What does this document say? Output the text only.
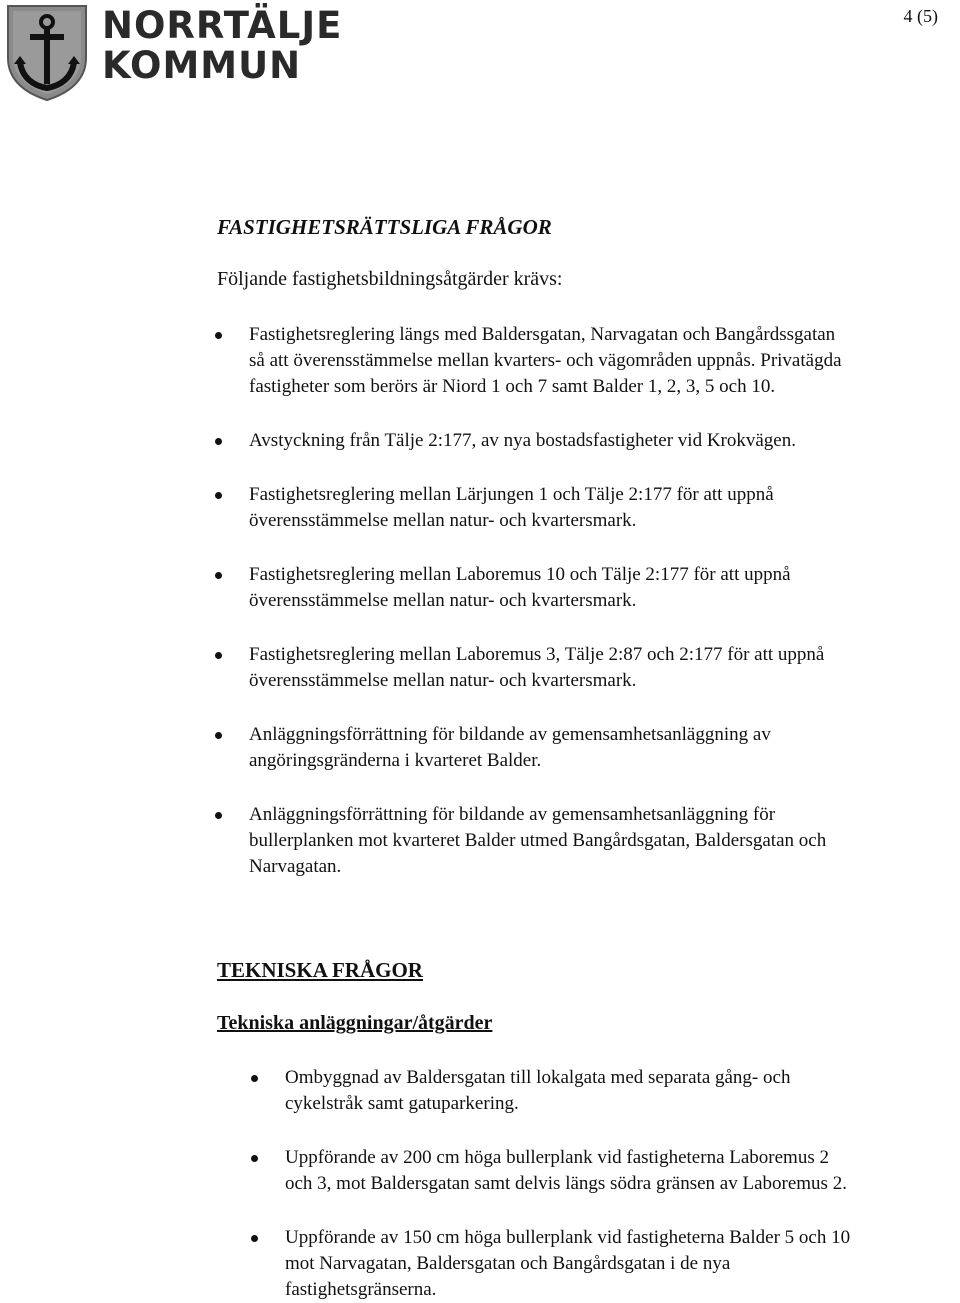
NORRTÄLJE
KOMMUN
4 (5)
FASTIGHETSRÄTTSLIGA FRÅGOR

Följande fastighetsbildningsåtgärder krävs:

Fastighetsreglering längs med Baldersgatan, Narvagatan och Bangårdssgatan
så att överensstämmelse mellan kvarters- och vägområden uppnås. Privatägda
fastigheter som berörs är Niord 1 och 7 samt Balder 1, 2, 3, 5 och 10.
Avstyckning från Tälje 2:177, av nya bostadsfastigheter vid Krokvägen.
Fastighetsreglering mellan Lärjungen 1 och Tälje 2:177 för att uppnå
överensstämmelse mellan natur- och kvartersmark.
Fastighetsreglering mellan Laboremus 10 och Tälje 2:177 för att uppnå
överensstämmelse mellan natur- och kvartersmark.
Fastighetsreglering mellan Laboremus 3, Tälje 2:87 och 2:177 för att uppnå
överensstämmelse mellan natur- och kvartersmark.
Anläggningsförrättning för bildande av gemensamhetsanläggning av
angöringsgränderna i kvarteret Balder.
Anläggningsförrättning för bildande av gemensamhetsanläggning för
bullerplanken mot kvarteret Balder utmed Bangårdsgatan, Baldersgatan och
Narvagatan.
TEKNISKA FRÅGOR
Tekniska anläggningar/åtgärder
Ombyggnad av Baldersgatan till lokalgata med separata gång- och
cykelstråk samt gatuparkering.
Uppförande av 200 cm höga bullerplank vid fastigheterna Laboremus 2
och 3, mot Baldersgatan samt delvis längs södra gränsen av Laboremus 2.
Uppförande av 150 cm höga bullerplank vid fastigheterna Balder 5 och 10
mot Narvagatan, Baldersgatan och Bangårdsgatan i de nya
fastighetsgränserna.
